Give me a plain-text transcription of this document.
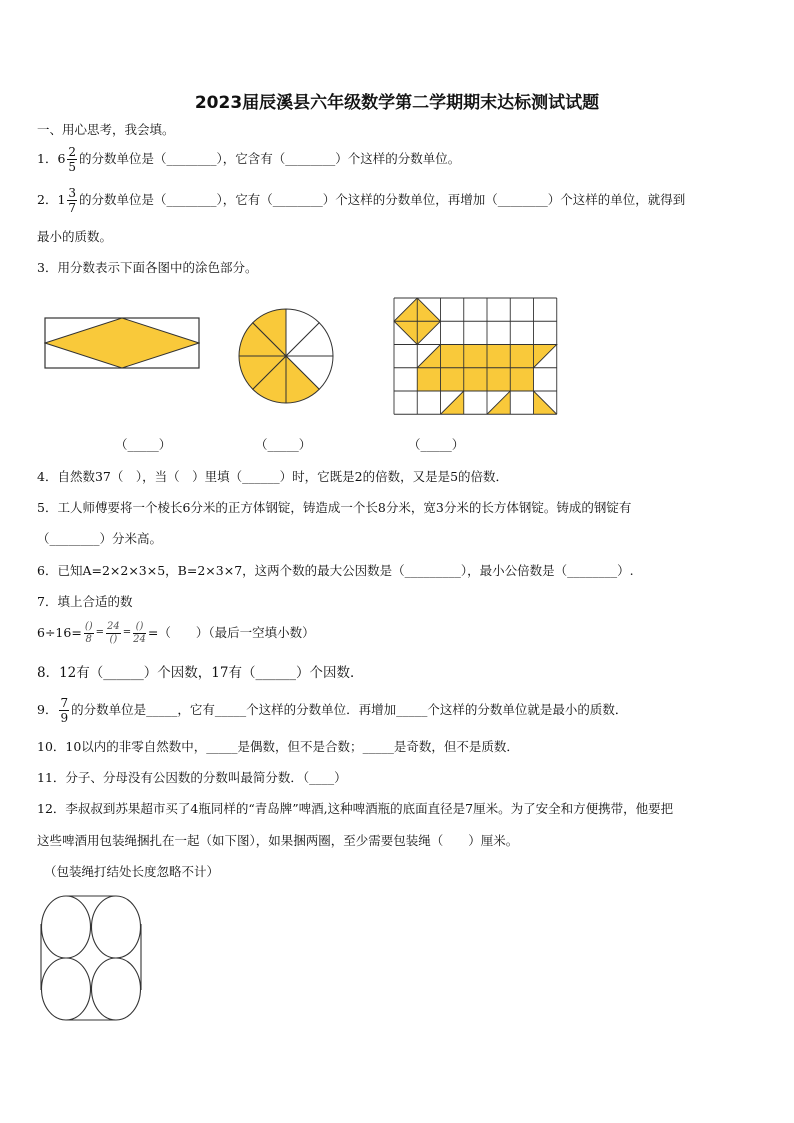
2023届辰溪县六年级数学第二学期期末达标测试试题
一、用心思考，我会填。
1． $6 \frac{2}{5}$ 的分数单位是（________），它含有（________）个这样的分数单位。
2． $1 \frac{3}{7}$ 的分数单位是（________），它有（________）个这样的分数单位，再增加（________）个这样的单位，就得到
最小的质数。
3．用分数表示下面各图中的涂色部分。
（_____）	（_____）	（_____）
4．自然数37（　），当（　）里填（______）时，它既是2的倍数，又是是5的倍数．
5．工人师傅要将一个棱长6分米的正方体钢锭，铸造成一个长8分米，宽3分米的长方体钢锭。铸成的钢锭有
（________）分米高。
6．已知A=2×2×3×5，B=2×3×7，这两个数的最大公因数是（_________），最小公倍数是（________）.
7．填上合适的数
$6\div 16= \frac{()}{8} = \frac{24}{()} = \frac{()}{24}$ =（　　）（最后一空填小数）
8．12有（______）个因数，17有（______）个因数．
9． $\frac{7}{9}$ 的分数单位是_____，它有_____个这样的分数单位．再增加_____个这样的分数单位就是最小的质数．
10．10以内的非零自然数中，_____是偶数，但不是合数；_____是奇数，但不是质数．
11．分子、分母没有公因数的分数叫最简分数．（____）
12．李叔叔到苏果超市买了4瓶同样的“青岛牌”啤酒,这种啤酒瓶的底面直径是7厘米。为了安全和方便携带，他要把
这些啤酒用包装绳捆扎在一起（如下图），如果捆两圈，至少需要包装绳（　　）厘米。
（包装绳打结处长度忽略不计）
